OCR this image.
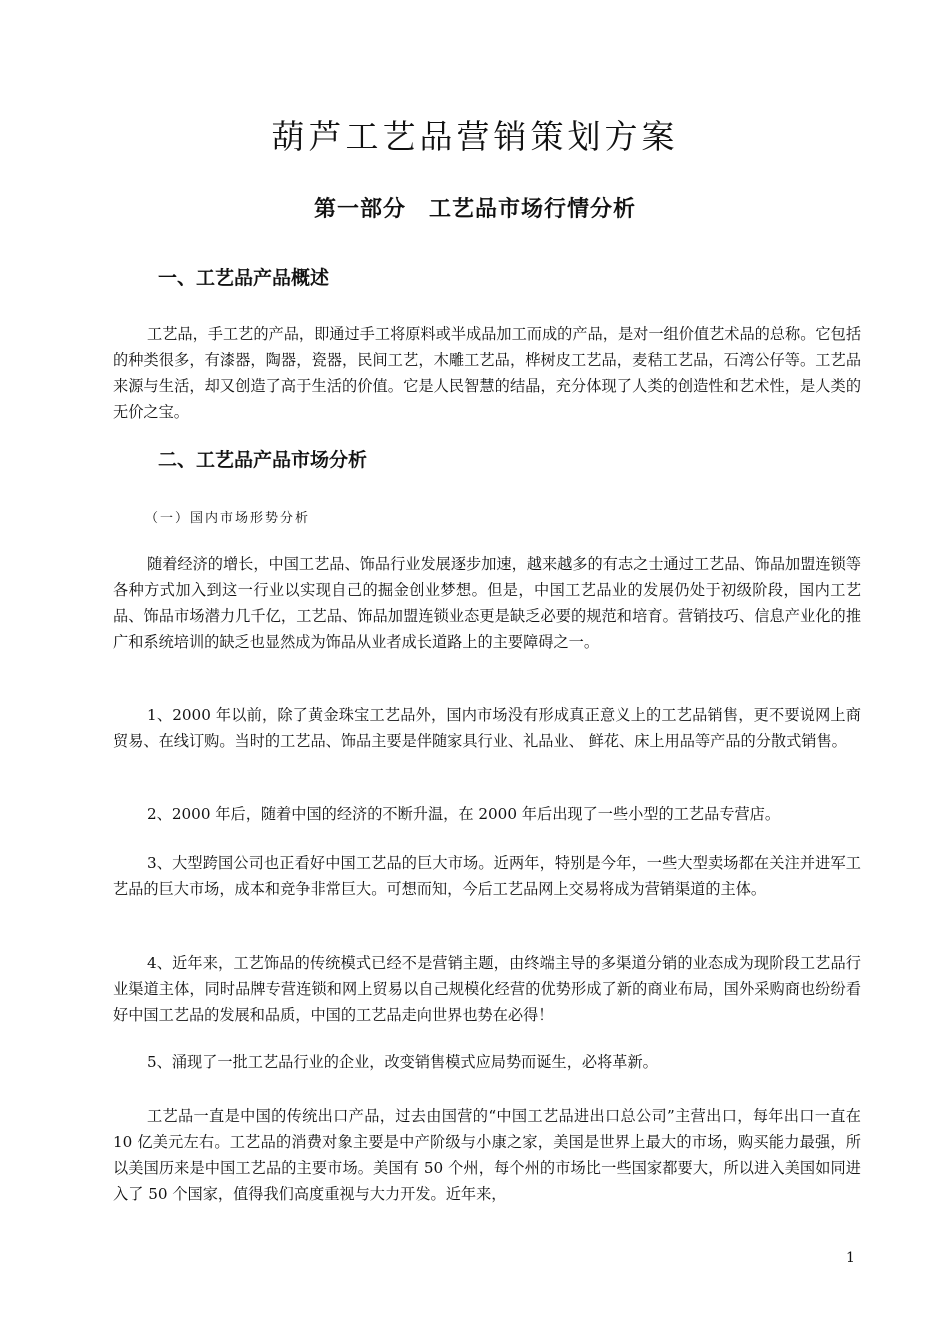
葫芦工艺品营销策划方案
第一部分　工艺品市场行情分析
一、工艺品产品概述

工艺品，手工艺的产品，即通过手工将原料或半成品加工而成的产品，是对一组价值艺术品的总称。它包括的种类很多，有漆器，陶器，瓷器，民间工艺，木雕工艺品，桦树皮工艺品，麦秸工艺品，石湾公仔等。工艺品来源与生活，却又创造了高于生活的价值。它是人民智慧的结晶，充分体现了人类的创造性和艺术性，是人类的无价之宝。

二、工艺品产品市场分析
（一）国内市场形势分析

随着经济的增长，中国工艺品、饰品行业发展逐步加速，越来越多的有志之士通过工艺品、饰品加盟连锁等各种方式加入到这一行业以实现自己的掘金创业梦想。但是，中国工艺品业的发展仍处于初级阶段，国内工艺品、饰品市场潜力几千亿，工艺品、饰品加盟连锁业态更是缺乏必要的规范和培育。营销技巧、信息产业化的推广和系统培训的缺乏也显然成为饰品从业者成长道路上的主要障碍之一。

1、2000 年以前，除了黄金珠宝工艺品外，国内市场没有形成真正意义上的工艺品销售，更不要说网上商贸易、在线订购。当时的工艺品、饰品主要是伴随家具行业、礼品业、 鲜花、床上用品等产品的分散式销售。

2、2000 年后，随着中国的经济的不断升温，在 2000 年后出现了一些小型的工艺品专营店。

3、大型跨国公司也正看好中国工艺品的巨大市场。近两年，特别是今年，一些大型卖场都在关注并进军工艺品的巨大市场，成本和竞争非常巨大。可想而知，今后工艺品网上交易将成为营销渠道的主体。

4、近年来，工艺饰品的传统模式已经不是营销主题，由终端主导的多渠道分销的业态成为现阶段工艺品行业渠道主体，同时品牌专营连锁和网上贸易以自己规模化经营的优势形成了新的商业布局，国外采购商也纷纷看好中国工艺品的发展和品质，中国的工艺品走向世界也势在必得！

5、涌现了一批工艺品行业的企业，改变销售模式应局势而诞生，必将革新。

工艺品一直是中国的传统出口产品，过去由国营的“中国工艺品进出口总公司”主营出口，每年出口一直在 10 亿美元左右。工艺品的消费对象主要是中产阶级与小康之家，美国是世界上最大的市场，购买能力最强，所以美国历来是中国工艺品的主要市场。美国有 50 个州，每个州的市场比一些国家都要大，所以进入美国如同进入了 50 个国家，值得我们高度重视与大力开发。近年来，

1
